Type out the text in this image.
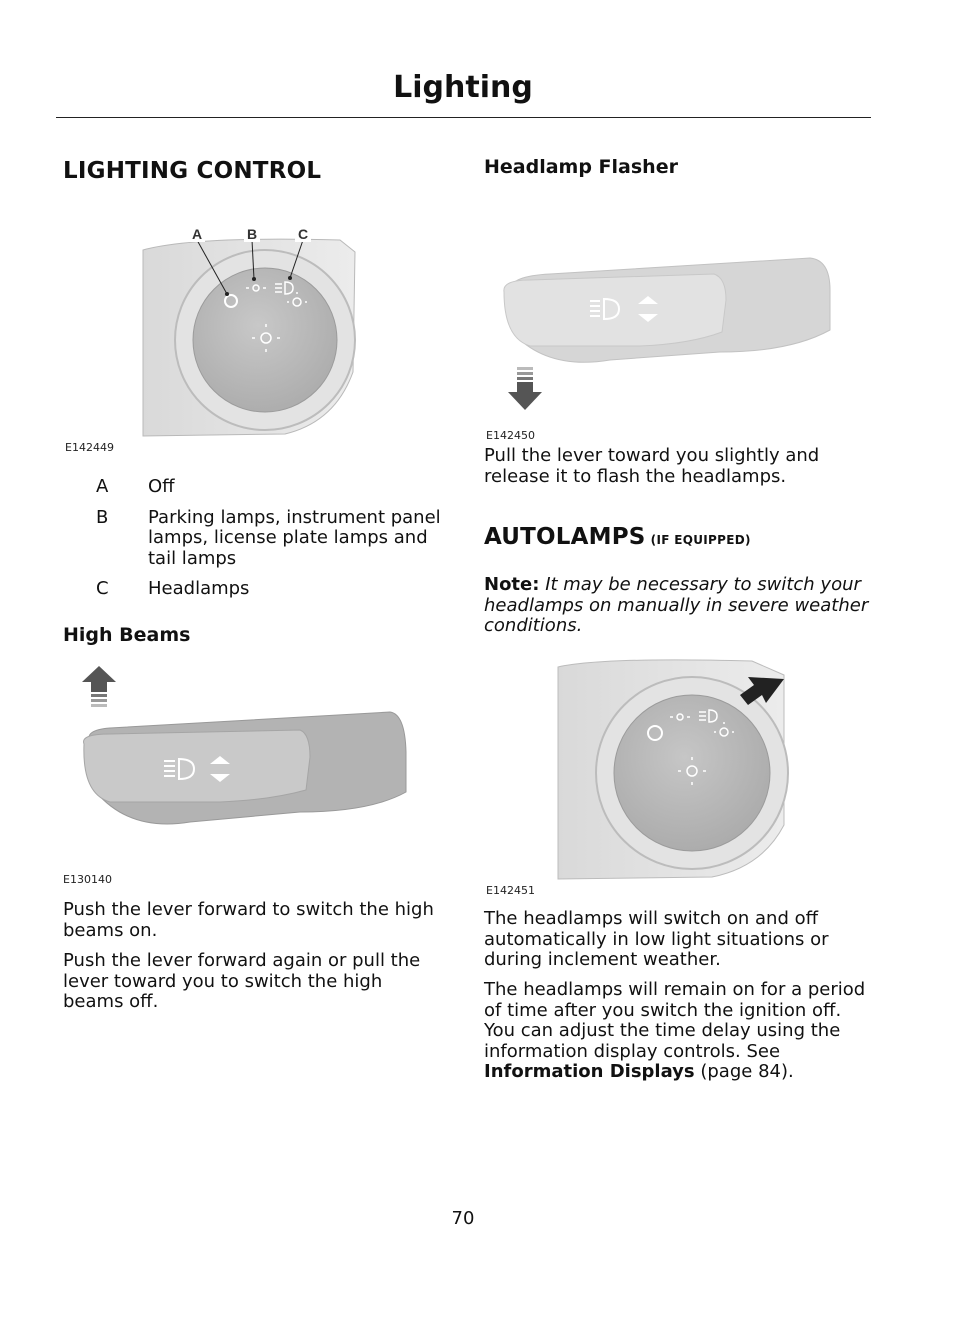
Lighting
LIGHTING CONTROL
A	B	C
E142449
A	Off
B	Parking lamps, instrument panel lamps, license plate lamps and tail lamps
C	Headlamps
High Beams
E130140

Push the lever forward to switch the high beams on.

Push the lever forward again or pull the lever toward you to switch the high beams off.

Headlamp Flasher
E142450

Pull the lever toward you slightly and release it to flash the headlamps.

AUTOLAMPS (IF EQUIPPED)

Note: It may be necessary to switch your headlamps on manually in severe weather conditions.

E142451

The headlamps will switch on and off automatically in low light situations or during inclement weather.

The headlamps will remain on for a period of time after you switch the ignition off. You can adjust the time delay using the information display controls. See Information Displays (page 84).

70
